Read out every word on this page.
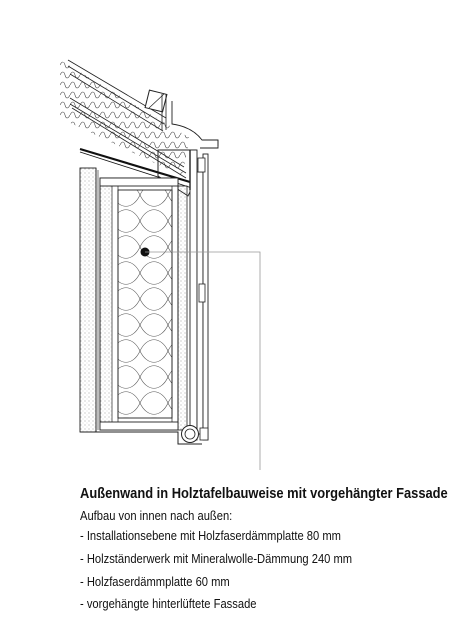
Außenwand in Holztafelbauweise mit vorgehängter Fassade
Aufbau von innen nach außen:
- Installationsebene mit Holzfaserdämmplatte 80 mm
- Holzständerwerk mit Mineralwolle-Dämmung 240 mm
- Holzfaserdämmplatte 60 mm
- vorgehängte hinterlüftete Fassade
